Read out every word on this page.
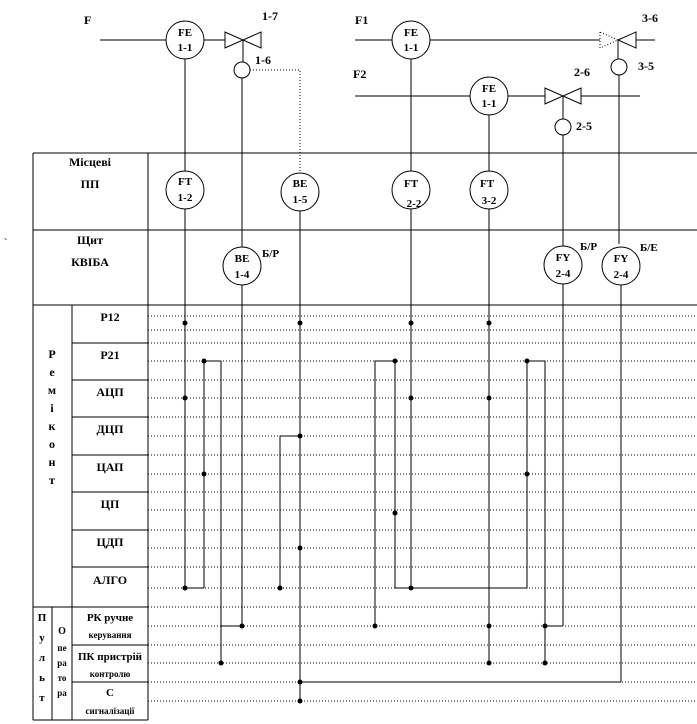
F	F1
F2
FE
1-1
1-7
1-6
FE
1-1
3-6
3-5
FE
1-1
2-6
2-5
Місцеві
ПП
Щит
КВІБА
Р
е
м
і
к
о
н
т
Р12
Р21
АЦП
ДЦП
ЦАП
ЦП
ЦДП
АЛГО
П
у
л
ь
т
О
пе
ра
то
ра
РК ручне
керування
ПК пристрій
контролю
С
сигналізації
FT
1-2
BE
1-5
FT
2-2
FT
3-2
BE
1-4
Б/Р	FY
2-4
Б/Р
FY
2-4
Б/Е
`
